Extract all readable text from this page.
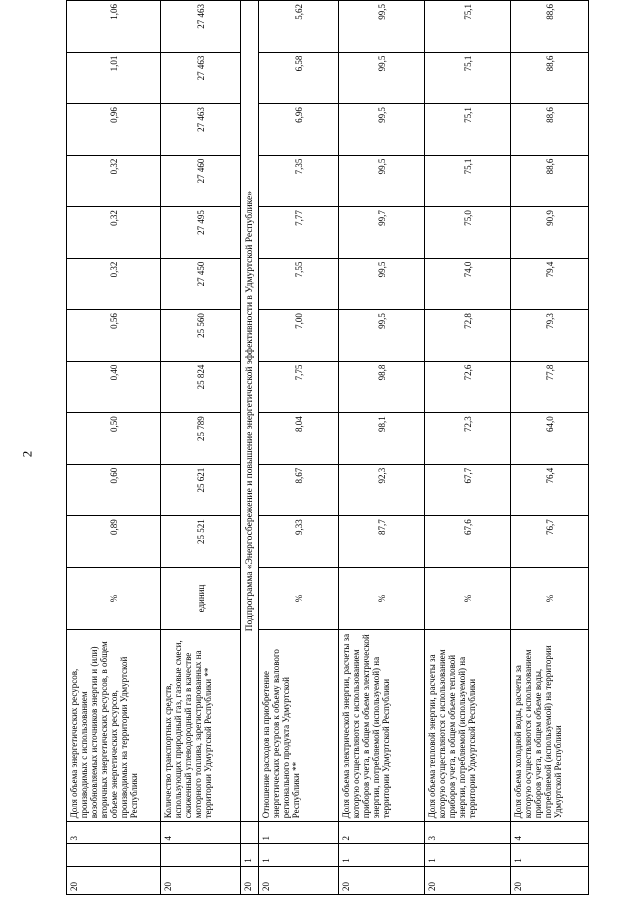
2
20		3	Доля объема энергетических ресурсов, производимых с использованием возобновляемых источников энергии и (или) вторичных энергетических ресурсов, в общем объеме энергетических ресурсов, производимых на территории Удмуртской Республики	%	0,89	0,60	0,50	0,40	0,56	0,32	0,32	0,32	0,96	1,01	1,06
20		4	Количество транспортных средств, использующих природный газ, газовые смеси, сжиженный углеводородный газ в качестве моторного топлива, зарегистрированных на территории Удмуртской Республики **	единиц	25 521	25 621	25 789	25 824	25 560	27 450	27 495	27 460	27 463	27 463	27 463
20	1		Подпрограмма «Энергосбережение и повышение энергетической эффективности в Удмуртской Республике»												
20	1	1	Отношение расходов на приобретение энергетических ресурсов к объему валового регионального продукта Удмуртской Республики **	%	9,33	8,67	8,04	7,75	7,00	7,55	7,77	7,35	6,96	6,58	5,62
20	1	2	Доля объема электрической энергии, расчеты за которую осуществляются с использованием приборов учета, в общем объеме электрической энергии, потребляемой (используемой) на территории Удмуртской Республики	%	87,7	92,3	98,1	98,8	99,5	99,5	99,7	99,5	99,5	99,5	99,5
20	1	3	Доля объема тепловой энергии, расчеты за которую осуществляются с использованием приборов учета, в общем объеме тепловой энергии, потребляемой (используемой) на территории Удмуртской Республики	%	67,6	67,7	72,3	72,6	72,8	74,0	75,0	75,1	75,1	75,1	75,1
20	1	4	Доля объема холодной воды, расчеты за которую осуществляются с использованием приборов учета, в общем объеме воды, потребляемой (используемой) на территории Удмуртской Республики	%	76,7	76,4	64,0	77,8	79,3	79,4	90,9	88,6	88,6	88,6	88,6
